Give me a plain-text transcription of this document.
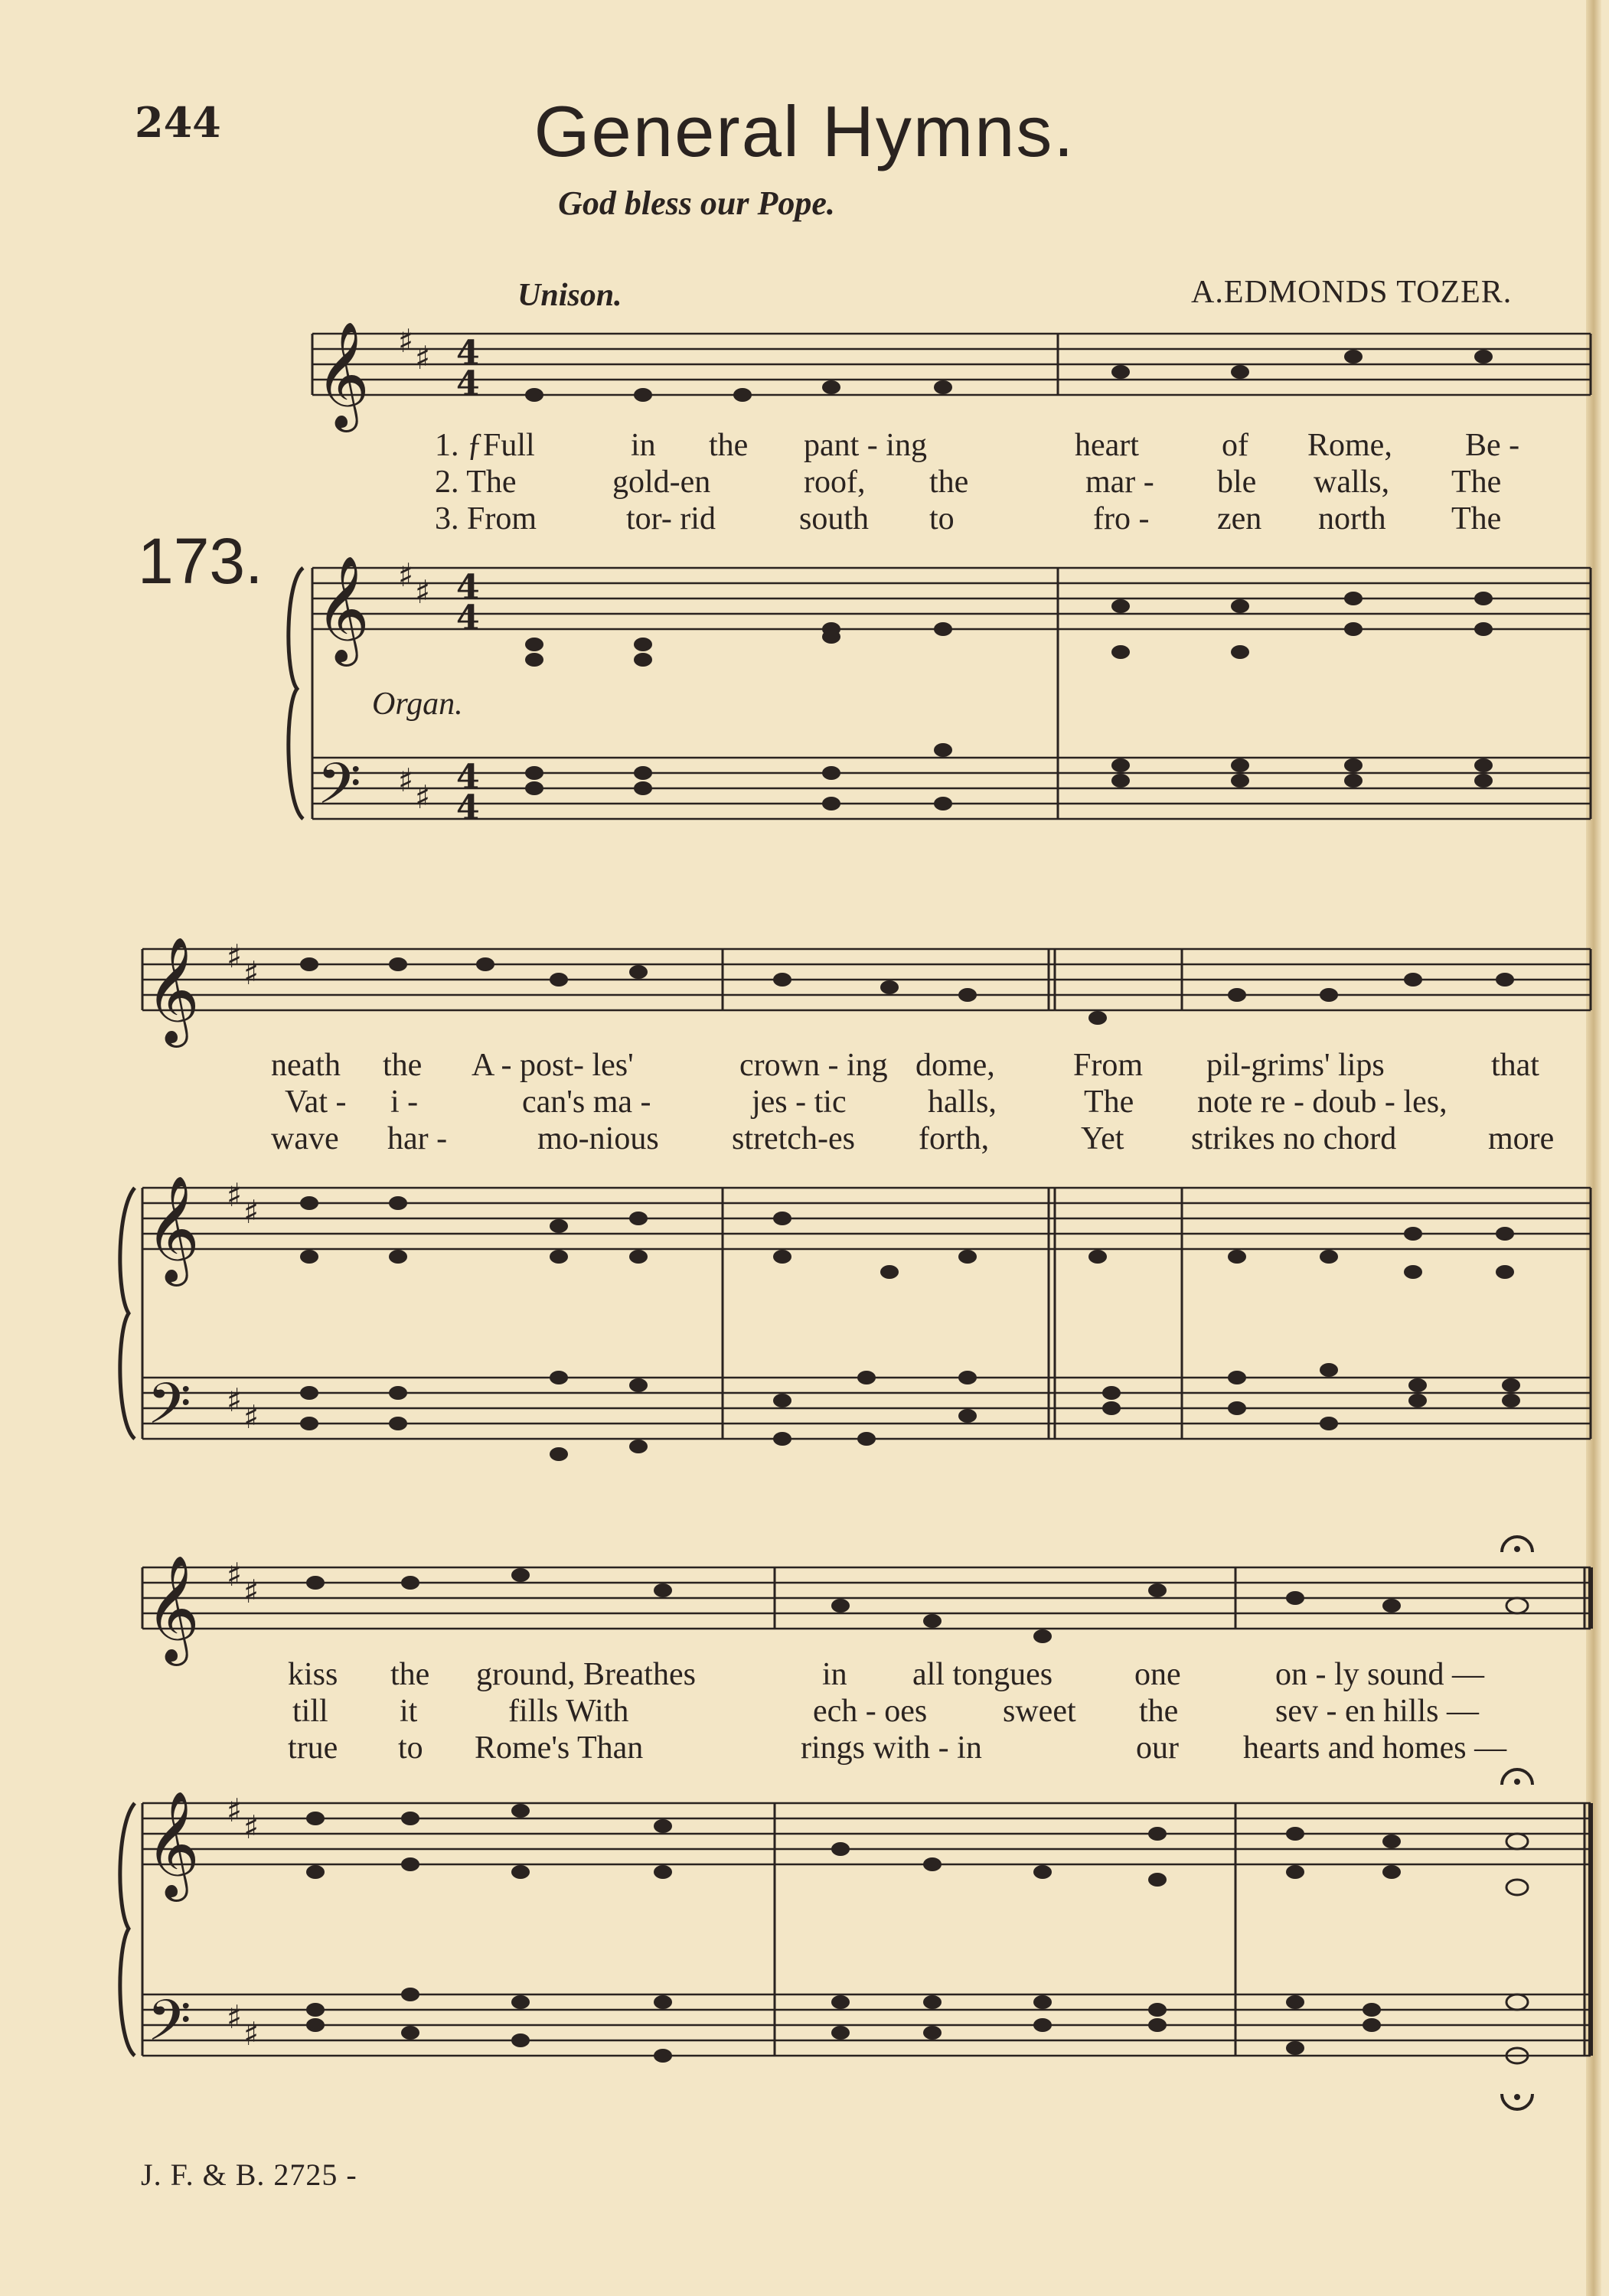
244	General Hymns.
God bless our Pope.
Unison.	A.EDMONDS TOZER.
173.
Organ.
J. F. & B. 2725 -
𝄞
𝄞
𝄢
𝄞
𝄞
𝄢
𝄞
𝄞
𝄢
♯ ♯
♯ ♯
♯ ♯
♯ ♯
♯ ♯
♯ ♯
♯ ♯
♯ ♯
♯ ♯
4
4
4
4
4
4
1. ƒFull	in the pant - ing	heart	of Rome, Be -
2. The	gold-en	roof, the	mar - ble walls, The
3. From	tor- rid	south to	fro - zen north The
neath the A - post- les'	crown - ing dome, From pil-grims' lips	that
Vat - i -	can's ma -	jes - tic	halls,	The note re - doub - les,
wave har -	mo-nious stretch-es forth,	Yet strikes no chord	more
kiss the ground, Breathes	in all tongues	one	on - ly sound —
till it	fills With	ech - oes sweet the	sev - en hills —
true to Rome's Than	rings with - in	our hearts and homes —
